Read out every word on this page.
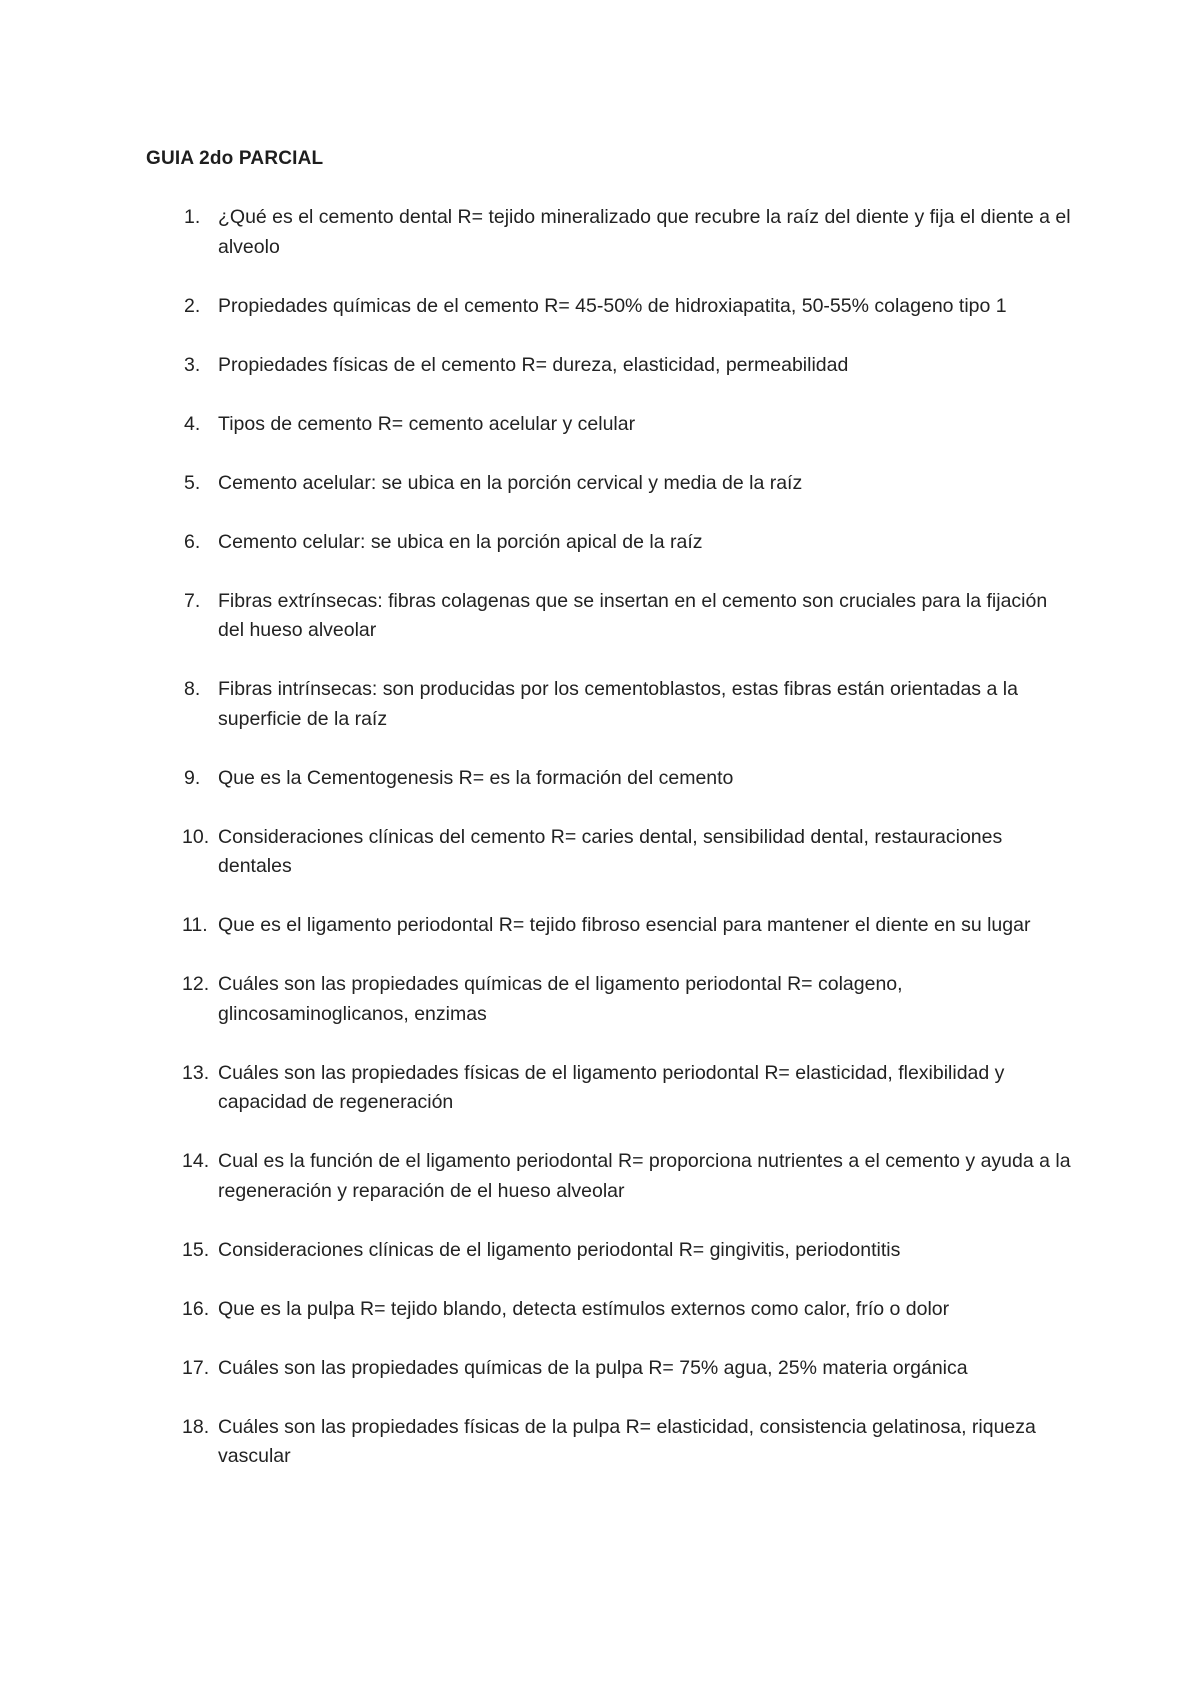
GUIA 2do PARCIAL
1. ¿Qué es el cemento dental R= tejido mineralizado que recubre la raíz del diente y fija el diente a el alveolo
2. Propiedades químicas de el cemento R= 45-50% de hidroxiapatita, 50-55% colageno tipo 1
3. Propiedades físicas de el cemento R= dureza, elasticidad, permeabilidad
4. Tipos de cemento R= cemento acelular y celular
5. Cemento acelular: se ubica en la porción cervical y media de la raíz
6. Cemento celular: se ubica en la porción apical de la raíz
7. Fibras extrínsecas: fibras colagenas que se insertan en el cemento son cruciales para la fijación del hueso alveolar
8. Fibras intrínsecas: son producidas por los cementoblastos, estas fibras están orientadas a la superficie de la raíz
9. Que es la Cementogenesis R= es la formación del cemento
10. Consideraciones clínicas del cemento R= caries dental, sensibilidad dental, restauraciones dentales
11. Que es el ligamento periodontal R= tejido fibroso esencial para mantener el diente en su lugar
12. Cuáles son las propiedades químicas de el ligamento periodontal R= colageno, glincosaminoglicanos, enzimas
13. Cuáles son las propiedades físicas de el ligamento periodontal R= elasticidad, flexibilidad y capacidad de regeneración
14. Cual es la función de el ligamento periodontal R= proporciona nutrientes a el cemento y ayuda a la regeneración y reparación de el hueso alveolar
15. Consideraciones clínicas de el ligamento periodontal R= gingivitis, periodontitis
16. Que es la pulpa R= tejido blando, detecta estímulos externos como calor, frío o dolor
17. Cuáles son las propiedades químicas de la pulpa R= 75% agua, 25% materia orgánica
18. Cuáles son las propiedades físicas de la pulpa R= elasticidad, consistencia gelatinosa, riqueza vascular
